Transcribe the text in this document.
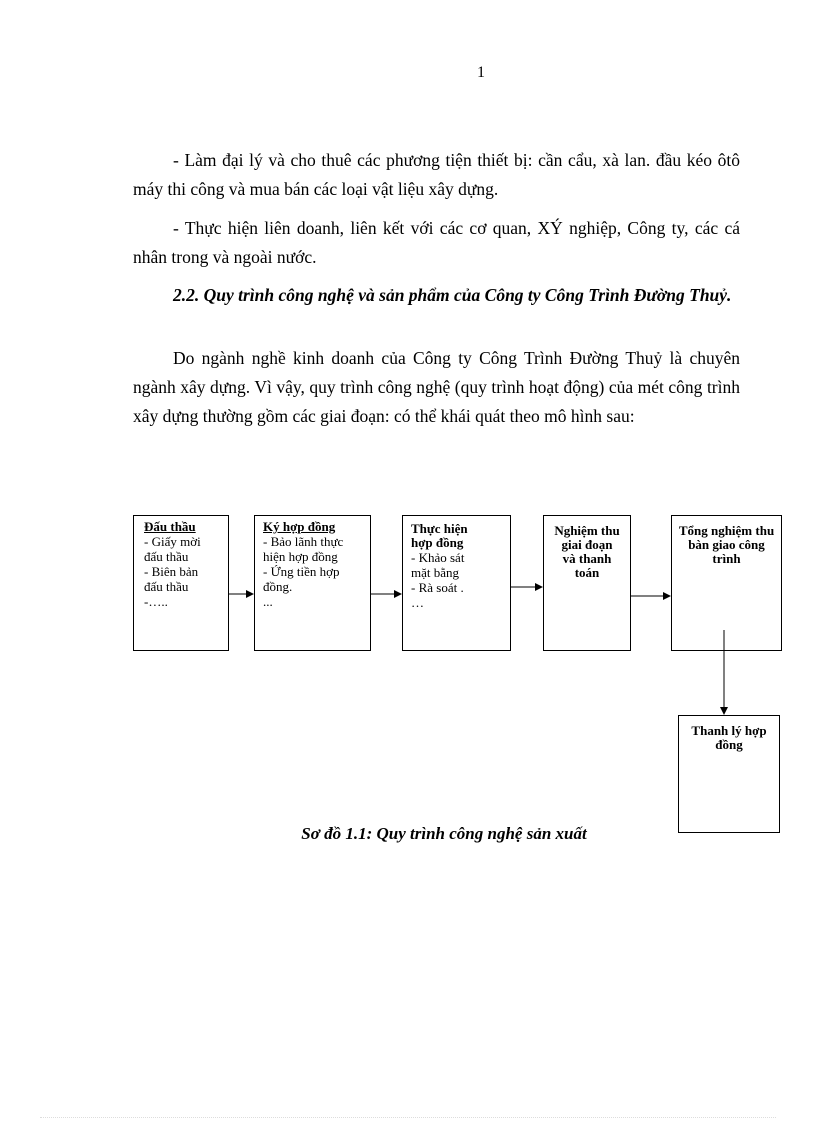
1

- Làm đại lý và cho thuê các phương tiện thiết bị: cần cẩu, xà lan. đầu kéo ôtô máy thi công và mua bán các loại vật liệu xây dựng.

- Thực hiện liên doanh, liên kết với các cơ quan, XÝ nghiệp, Công ty, các cá nhân trong và ngoài nước.

2.2. Quy trình công nghệ và sản phẩm của Công ty Công Trình Đường Thuỷ.

Do ngành nghề kinh doanh của Công ty Công Trình Đường Thuỷ là chuyên ngành xây dựng. Vì vậy, quy trình công nghệ (quy trình hoạt động) của mét công trình xây dựng thường gồm các giai đoạn: có thể khái quát theo mô hình sau:

Đấu thầu
- Giấy mời
đấu thầu
- Biên bản
đấu thầu
-…..
Ký hợp đồng
- Bảo lãnh thực
hiện hợp đồng
- Ứng tiền hợp
đồng.
...
Thực hiện hợp đồng
- Khảo sát
mặt bằng
- Rà soát .
…
Nghiệm thu giai đoạn và thanh toán
Tổng nghiệm thu bàn giao công trình
Thanh lý hợp đồng
Sơ đồ 1.1: Quy trình công nghệ sản xuất
